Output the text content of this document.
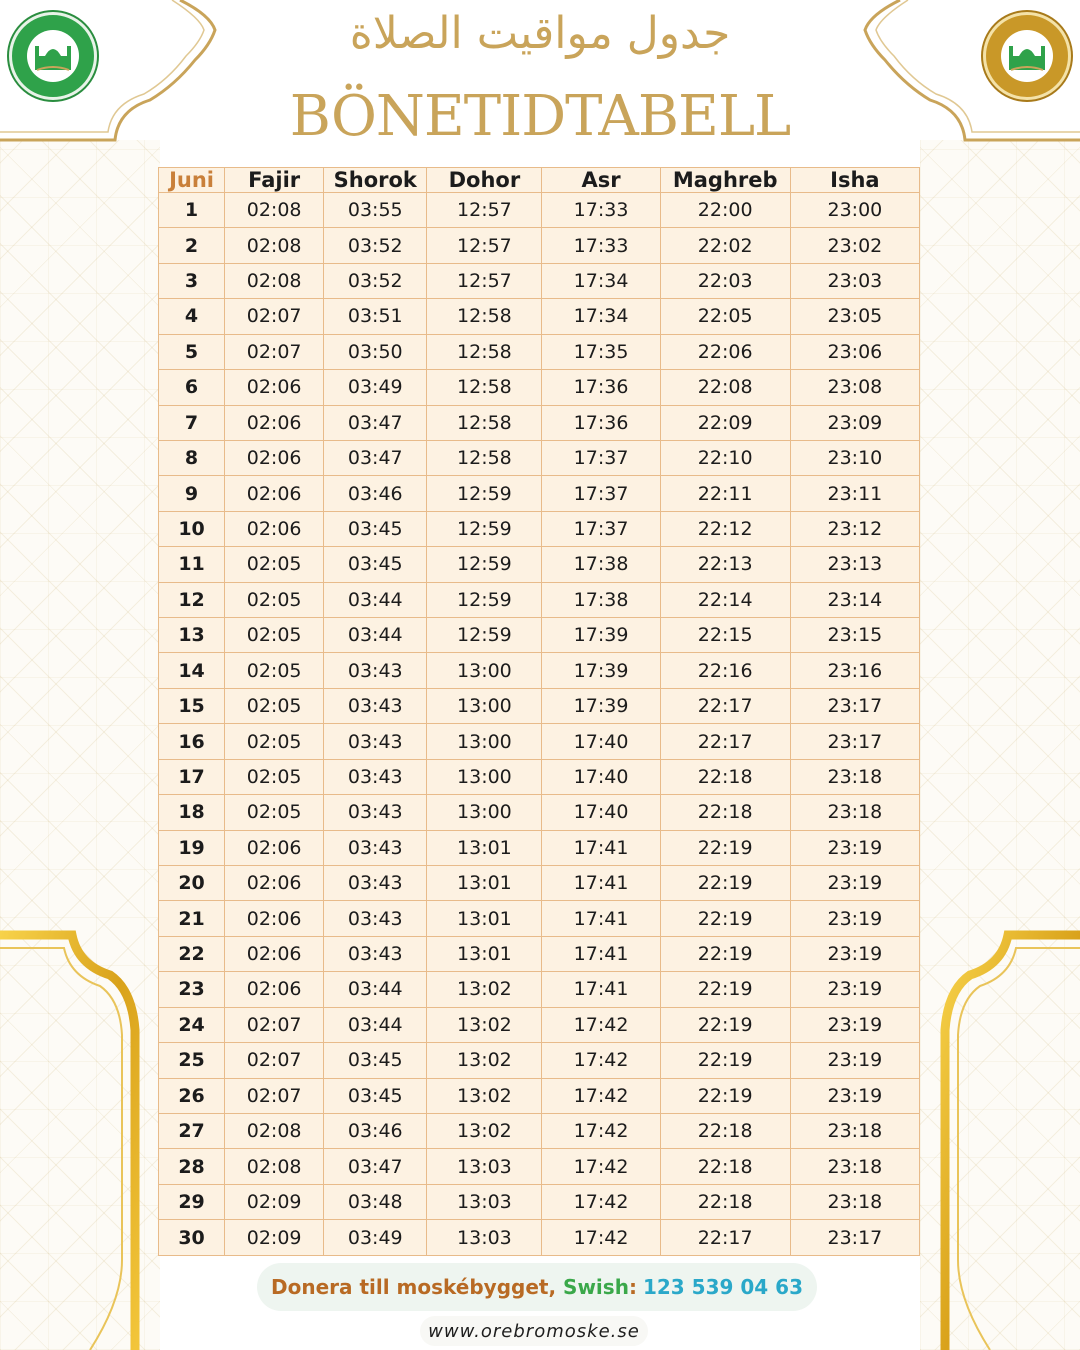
جدول مواقيت الصلاة
BÖNETIDTABELL
Juni	Fajir	Shorok	Dohor	Asr	Maghreb	Isha
1	02:08	03:55	12:57	17:33	22:00	23:00
2	02:08	03:52	12:57	17:33	22:02	23:02
3	02:08	03:52	12:57	17:34	22:03	23:03
4	02:07	03:51	12:58	17:34	22:05	23:05
5	02:07	03:50	12:58	17:35	22:06	23:06
6	02:06	03:49	12:58	17:36	22:08	23:08
7	02:06	03:47	12:58	17:36	22:09	23:09
8	02:06	03:47	12:58	17:37	22:10	23:10
9	02:06	03:46	12:59	17:37	22:11	23:11
10	02:06	03:45	12:59	17:37	22:12	23:12
11	02:05	03:45	12:59	17:38	22:13	23:13
12	02:05	03:44	12:59	17:38	22:14	23:14
13	02:05	03:44	12:59	17:39	22:15	23:15
14	02:05	03:43	13:00	17:39	22:16	23:16
15	02:05	03:43	13:00	17:39	22:17	23:17
16	02:05	03:43	13:00	17:40	22:17	23:17
17	02:05	03:43	13:00	17:40	22:18	23:18
18	02:05	03:43	13:00	17:40	22:18	23:18
19	02:06	03:43	13:01	17:41	22:19	23:19
20	02:06	03:43	13:01	17:41	22:19	23:19
21	02:06	03:43	13:01	17:41	22:19	23:19
22	02:06	03:43	13:01	17:41	22:19	23:19
23	02:06	03:44	13:02	17:41	22:19	23:19
24	02:07	03:44	13:02	17:42	22:19	23:19
25	02:07	03:45	13:02	17:42	22:19	23:19
26	02:07	03:45	13:02	17:42	22:19	23:19
27	02:08	03:46	13:02	17:42	22:18	23:18
28	02:08	03:47	13:03	17:42	22:18	23:18
29	02:09	03:48	13:03	17:42	22:18	23:18
30	02:09	03:49	13:03	17:42	22:17	23:17
Donera till moskébygget,
Swish : 123 539 04 63
www.orebromoske.se
